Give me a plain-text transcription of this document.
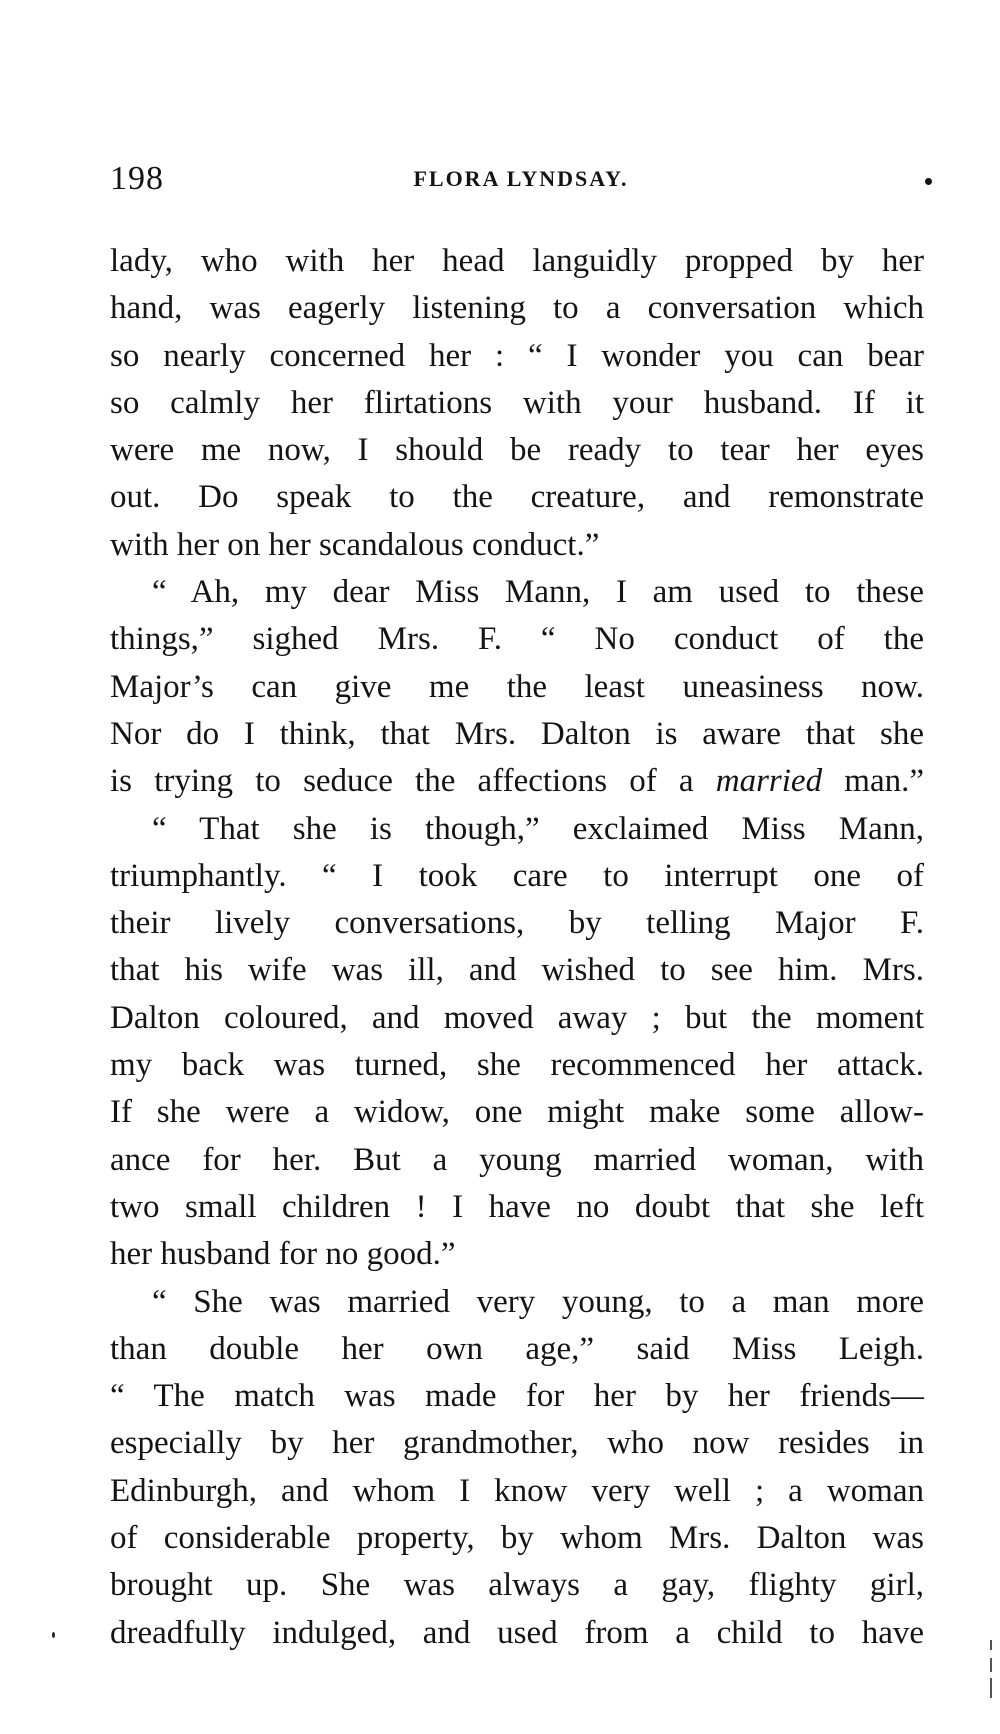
198	FLORA LYNDSAY.
lady, who with her head languidly propped by her
hand, was eagerly listening to a conversation which
so nearly concerned her : “ I wonder you can bear
so calmly her flirtations with your husband. If it
were me now, I should be ready to tear her eyes
out. Do speak to the creature, and remonstrate
with her on her scandalous conduct.”
“ Ah, my dear Miss Mann, I am used to these
things,” sighed Mrs. F. “ No conduct of the
Major’s can give me the least uneasiness now.
Nor do I think, that Mrs. Dalton is aware that she
is trying to seduce the affections of a married man.”
“ That she is though,” exclaimed Miss Mann,
triumphantly. “ I took care to interrupt one of
their lively conversations, by telling Major F.
that his wife was ill, and wished to see him. Mrs.
Dalton coloured, and moved away ; but the moment
my back was turned, she recommenced her attack.
If she were a widow, one might make some allow-
ance for her. But a young married woman, with
two small children ! I have no doubt that she left
her husband for no good.”
“ She was married very young, to a man more
than double her own age,” said Miss Leigh.
“ The match was made for her by her friends—
especially by her grandmother, who now resides in
Edinburgh, and whom I know very well ; a woman
of considerable property, by whom Mrs. Dalton was
brought up. She was always a gay, flighty girl,
dreadfully indulged, and used from a child to have
